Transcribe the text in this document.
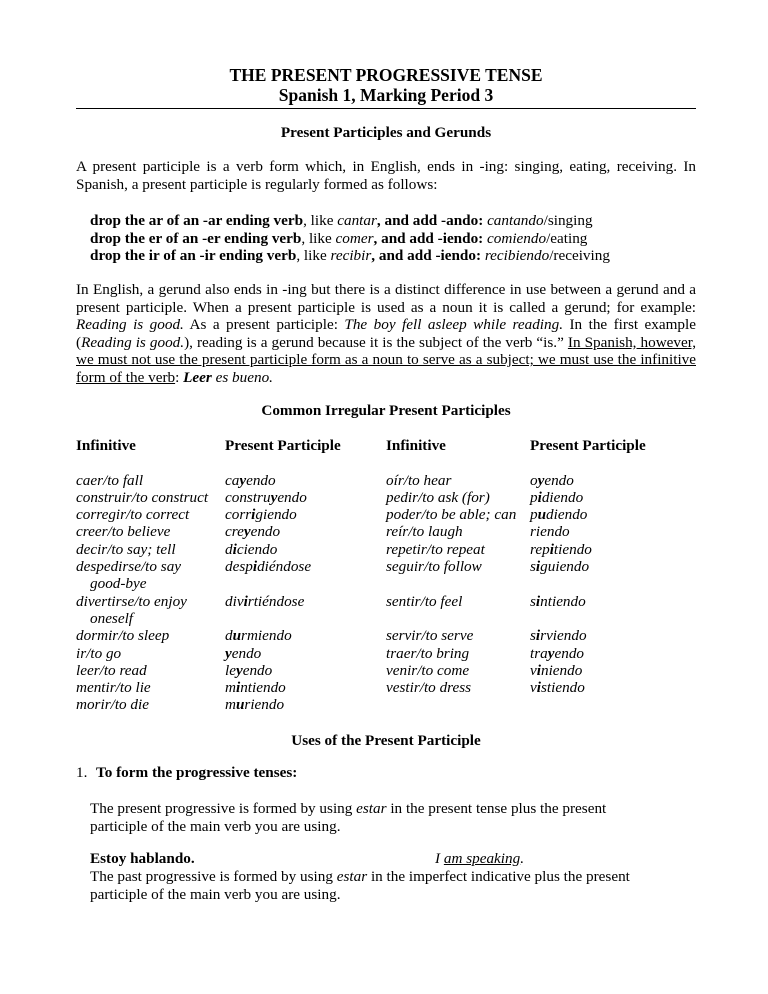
THE PRESENT PROGRESSIVE TENSE
Spanish 1, Marking Period 3
Present Participles and Gerunds
A present participle is a verb form which, in English, ends in -ing: singing, eating, receiving. In Spanish, a present participle is regularly formed as follows:
drop the ar of an -ar ending verb, like cantar, and add -ando: cantando/singing
drop the er of an -er ending verb, like comer, and add -iendo: comiendo/eating
drop the ir of an -ir ending verb, like recibir, and add -iendo: recibiendo/receiving
In English, a gerund also ends in -ing but there is a distinct difference in use between a gerund and a present participle. When a present participle is used as a noun it is called a gerund; for example: Reading is good. As a present participle: The boy fell asleep while reading. In the first example (Reading is good.), reading is a gerund because it is the subject of the verb “is.” In Spanish, however, we must not use the present participle form as a noun to serve as a subject; we must use the infinitive form of the verb: Leer es bueno.
Common Irregular Present Participles
Infinitive
caer/to fall
construir/to construct
corregir/to correct
creer/to believe
decir/to say; tell
despedirse/to say
good-bye
divertirse/to enjoy
oneself
dormir/to sleep
ir/to go
leer/to read
mentir/to lie
morir/to die
Present Participle
cayendo
construyendo
corrigiendo
creyendo
diciendo
despidiéndose
divirtiéndose
durmiendo
yendo
leyendo
mintiendo
muriendo
Infinitive
oír/to hear
pedir/to ask (for)
poder/to be able; can
reír/to laugh
repetir/to repeat
seguir/to follow
sentir/to feel
servir/to serve
traer/to bring
venir/to come
vestir/to dress
Present Participle
oyendo
pidiendo
pudiendo
riendo
repitiendo
siguiendo
sintiendo
sirviendo
trayendo
viniendo
vistiendo
Uses of the Present Participle
1. To form the progressive tenses:
The present progressive is formed by using estar in the present tense plus the present participle of the main verb you are using.
Estoy hablando.	I am speaking.
The past progressive is formed by using estar in the imperfect indicative plus the present participle of the main verb you are using.
